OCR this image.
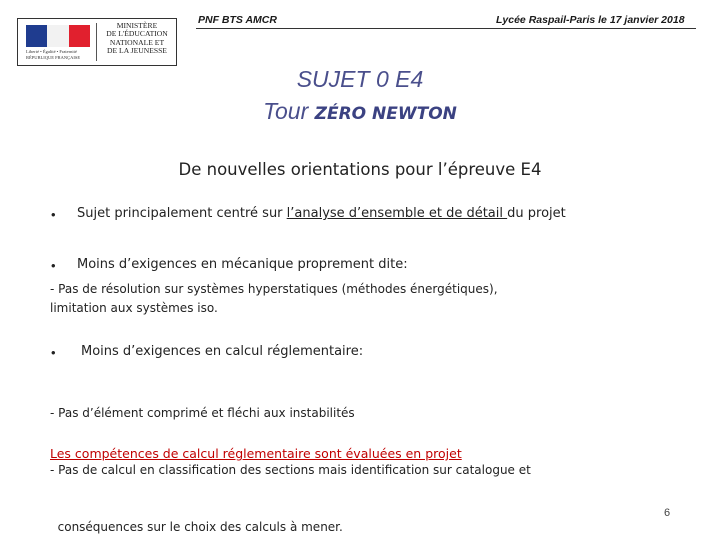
Liberté • Égalité • Fraternité
RÉPUBLIQUE FRANÇAISE
MINISTÈRE
DE L'ÉDUCATION
NATIONALE ET
DE LA JEUNESSE
PNF BTS AMCR	Lycée Raspail-Paris le 17 janvier 2018
SUJET 0 E4
Tour ZÉRO NEWTON
De nouvelles orientations pour l’épreuve E4
• Sujet principalement centré sur l’analyse d’ensemble et de détail du projet
• Moins d’exigences en mécanique proprement dite:
- Pas de résolution sur systèmes hyperstatiques (méthodes énergétiques),
limitation aux systèmes iso.
• Moins d’exigences en calcul réglementaire:

- Pas d’élément comprimé et fléchi aux instabilités

- Pas de calcul en classification des sections mais identification sur catalogue et

conséquences sur le choix des calculs à mener.

Les compétences de calcul réglementaire sont évaluées en projet
6
